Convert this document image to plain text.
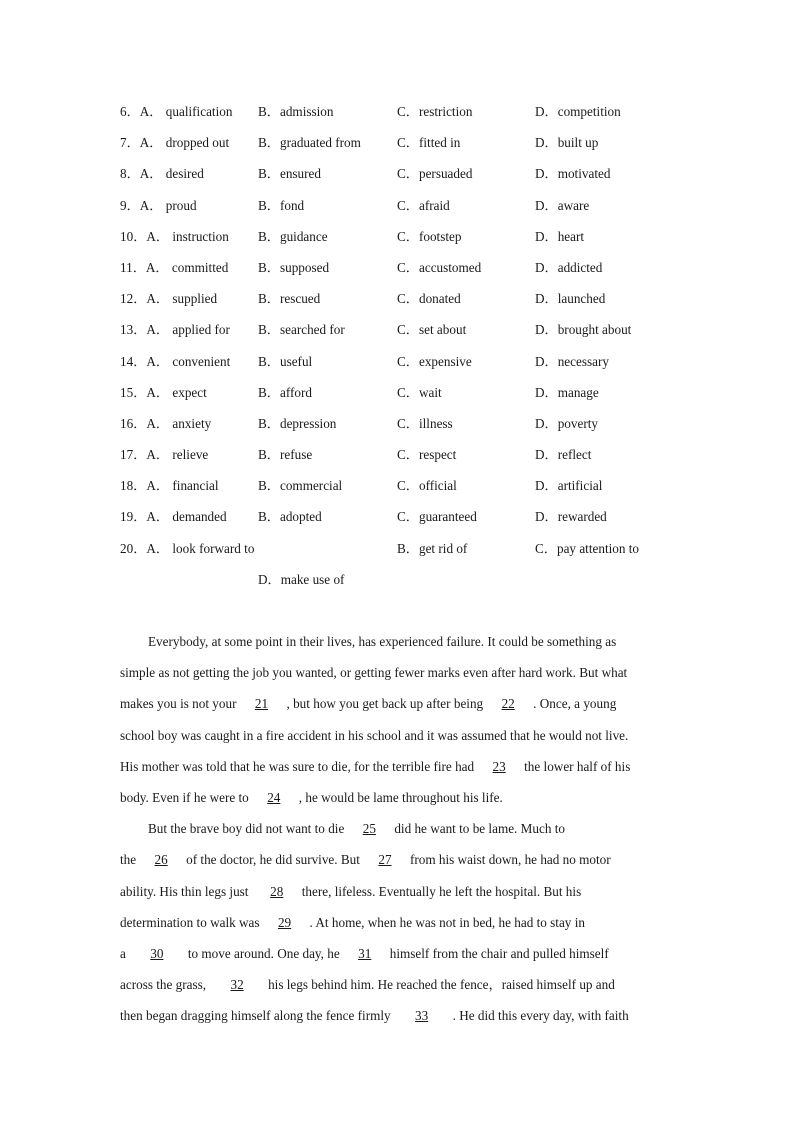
6．A． qualification B．admission	C．restriction	D．competition
7．A． dropped out B．graduated from	C．fitted in	D．built up
8．A． desired	B．ensured	C．persuaded	D．motivated
9．A． proud	B．fond	C．afraid	D．aware
10．A． instruction B．guidance	C．footstep	D．heart
11．A． committed B．supposed	C．accustomed	D．addicted
12．A． supplied	B．rescued	C．donated	D．launched
13．A． applied for B．searched for	C．set about	D．brought about
14．A． convenient B．useful	C．expensive	D．necessary
15．A． expect	B．afford	C．wait	D．manage
16．A． anxiety	B．depression	C．illness	D．poverty
17．A． relieve	B．refuse	C．respect	D．reflect
18．A． financial	B．commercial	C．official	D．artificial
19．A． demanded B．adopted	C．guaranteed	D．rewarded
20．A． look forward to	B．get rid of	C．pay attention to
D．make use of
Everybody, at some point in their lives, has experienced failure. It could be something as
simple as not getting the job you wanted, or getting fewer marks even after hard work. But what
makes you is not your 21 , but how you get back up after being 22 . Once, a young
school boy was caught in a fire accident in his school and it was assumed that he would not live.
His mother was told that he was sure to die, for the terrible fire had 23 the lower half of his
body. Even if he were to 24 , he would be lame throughout his life.
But the brave boy did not want to die 25 did he want to be lame. Much to
the 26 of the doctor, he did survive. But 27 from his waist down, he had no motor
ability. His thin legs just 28 there, lifeless. Eventually he left the hospital. But his
determination to walk was 29 . At home, when he was not in bed, he had to stay in
a 30 to move around. One day, he 31 himself from the chair and pulled himself
across the grass, 32 his legs behind him. He reached the fence，raised himself up and
then began dragging himself along the fence firmly 33 . He did this every day, with faith
